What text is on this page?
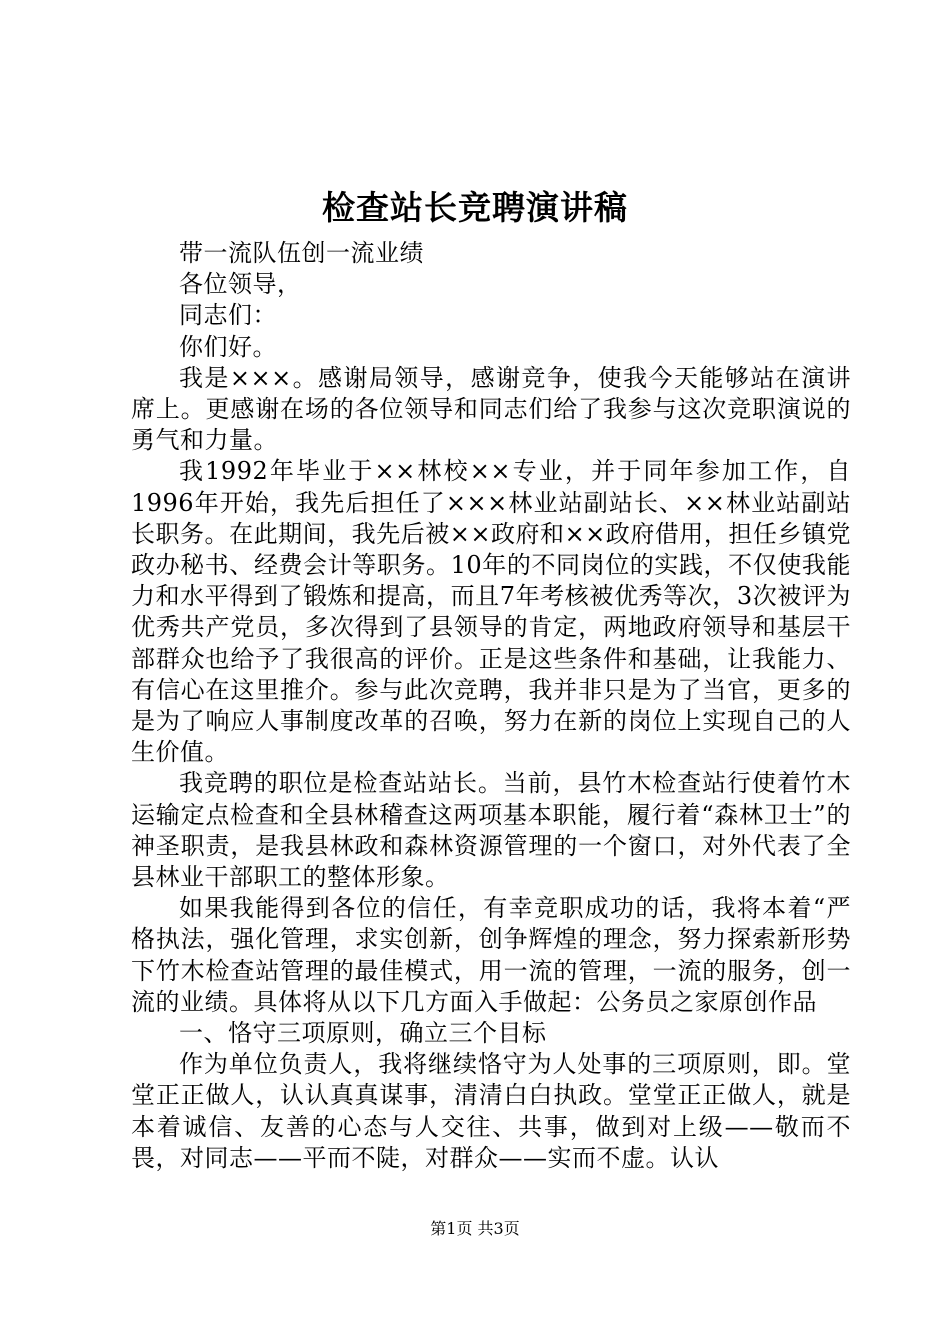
检查站长竞聘演讲稿

带一流队伍创一流业绩

各位领导，

同志们：

你们好。

我是×××。感谢局领导，感谢竞争，使我今天能够站在演讲席上。更感谢在场的各位领导和同志们给了我参与这次竞职演说的勇气和力量。

我1992年毕业于××林校××专业，并于同年参加工作，自1996年开始，我先后担任了×××林业站副站长、××林业站副站长职务。在此期间，我先后被××政府和××政府借用，担任乡镇党政办秘书、经费会计等职务。10年的不同岗位的实践，不仅使我能力和水平得到了锻炼和提高，而且7年考核被优秀等次，3次被评为优秀共产党员，多次得到了县领导的肯定，两地政府领导和基层干部群众也给予了我很高的评价。正是这些条件和基础，让我能力、有信心在这里推介。参与此次竞聘，我并非只是为了当官，更多的是为了响应人事制度改革的召唤，努力在新的岗位上实现自己的人生价值。

我竞聘的职位是检查站站长。当前，县竹木检查站行使着竹木运输定点检查和全县林稽查这两项基本职能，履行着“森林卫士”的神圣职责，是我县林政和森林资源管理的一个窗口，对外代表了全县林业干部职工的整体形象。

如果我能得到各位的信任，有幸竞职成功的话，我将本着“严格执法，强化管理，求实创新，创争辉煌的理念，努力探索新形势下竹木检查站管理的最佳模式，用一流的管理，一流的服务，创一流的业绩。具体将从以下几方面入手做起：公务员之家原创作品

一、恪守三项原则，确立三个目标

作为单位负责人，我将继续恪守为人处事的三项原则，即。堂堂正正做人，认认真真谋事，清清白白执政。堂堂正正做人，就是本着诚信、友善的心态与人交往、共事，做到对上级——敬而不畏，对同志——平而不陡，对群众——实而不虚。认认

第1页 共3页
